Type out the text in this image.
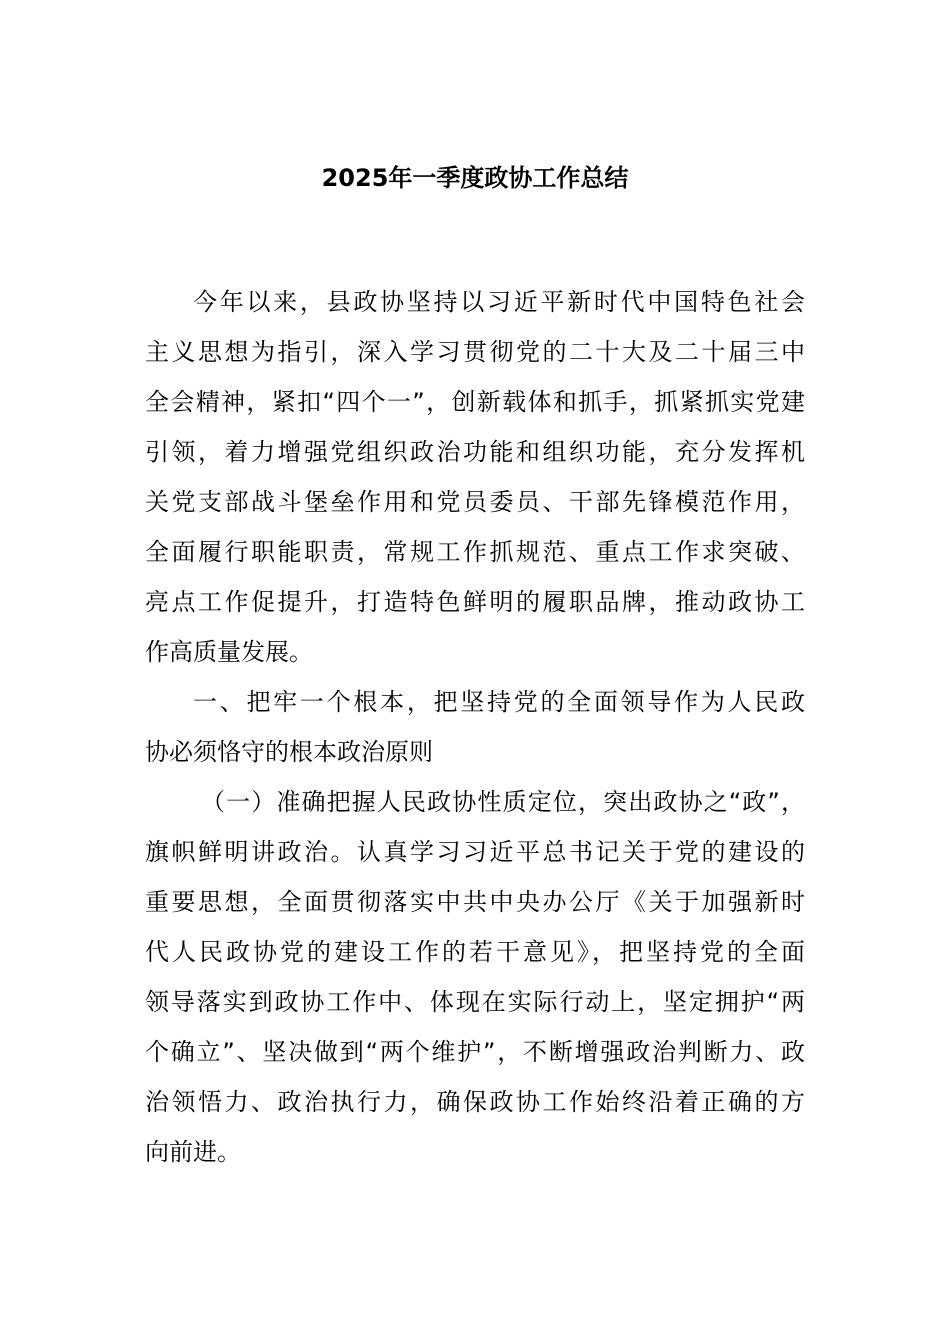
2025年一季度政协工作总结
今年以来，县政协坚持以习近平新时代中国特色社会
主义思想为指引，深入学习贯彻党的二十大及二十届三中
全会精神，紧扣“四个一”，创新载体和抓手，抓紧抓实党建
引领，着力增强党组织政治功能和组织功能，充分发挥机
关党支部战斗堡垒作用和党员委员、干部先锋模范作用，
全面履行职能职责，常规工作抓规范、重点工作求突破、
亮点工作促提升，打造特色鲜明的履职品牌，推动政协工
作高质量发展。
一、把牢一个根本，把坚持党的全面领导作为人民政
协必须恪守的根本政治原则
（一）准确把握人民政协性质定位，突出政协之“政”，
旗帜鲜明讲政治。认真学习习近平总书记关于党的建设的
重要思想，全面贯彻落实中共中央办公厅《关于加强新时
代人民政协党的建设工作的若干意见》，把坚持党的全面
领导落实到政协工作中、体现在实际行动上，坚定拥护“两
个确立”、坚决做到“两个维护”，不断增强政治判断力、政
治领悟力、政治执行力，确保政协工作始终沿着正确的方
向前进。
